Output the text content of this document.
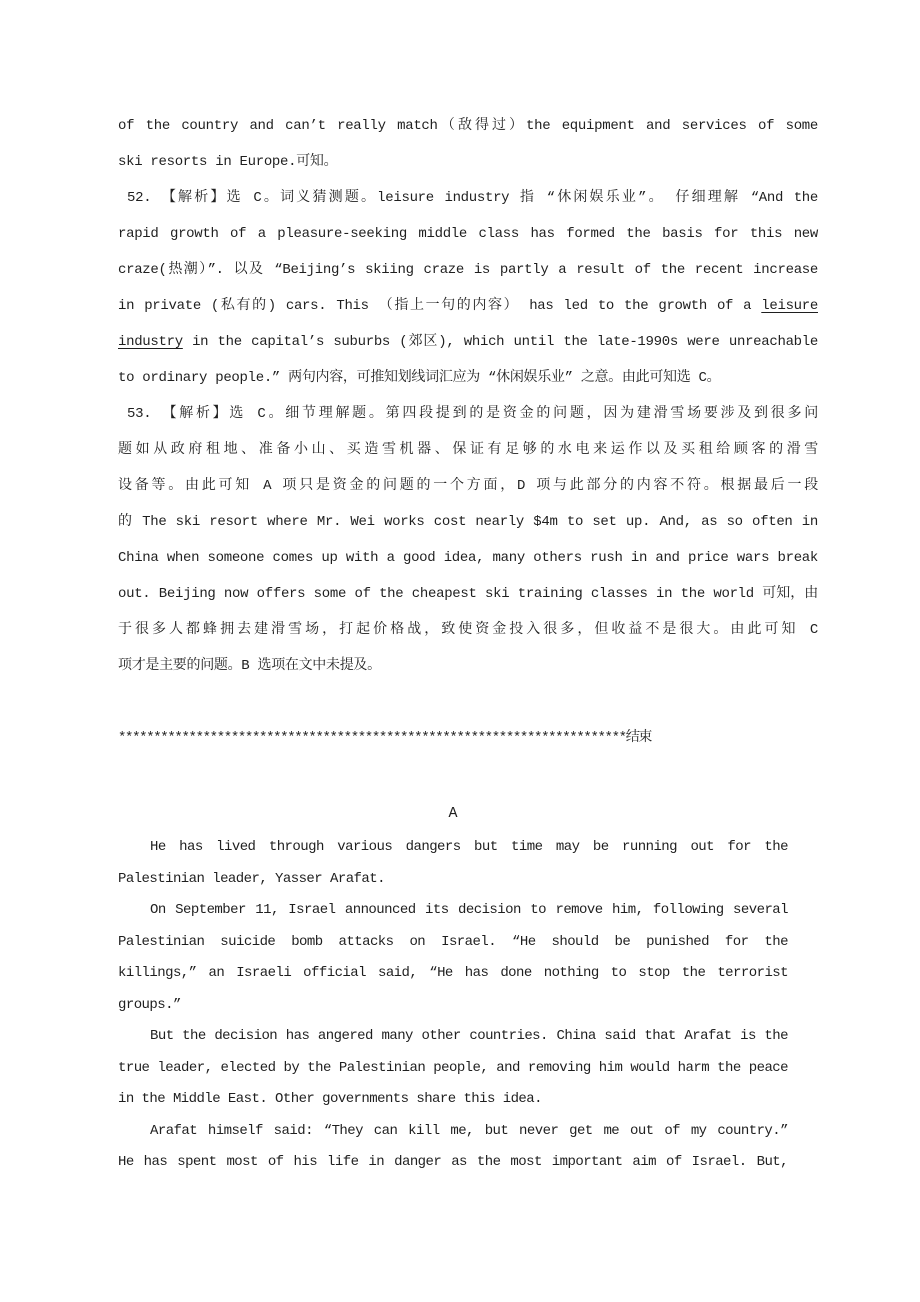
of the country and can’t really match（敌得过）the equipment and services of some
ski resorts in Europe.可知。
52. 【解析】选 C。词义猜测题。leisure industry 指 “休闲娱乐业”。 仔细理解 “And the
rapid growth of a pleasure-seeking middle class has formed the basis for this new
craze(热潮）”. 以及 “Beijing’s skiing craze is partly a result of the recent increase
in private (私有的) cars. This （指上一句的内容） has led to the growth of a leisure
industry in the capital’s suburbs (郊区), which until the late-1990s were unreachable
to ordinary people.” 两句内容，可推知划线词汇应为 “休闲娱乐业” 之意。由此可知选 C。
53. 【解析】选 C。细节理解题。第四段提到的是资金的问题，因为建滑雪场要涉及到很多问
题如从政府租地、准备小山、买造雪机器、保证有足够的水电来运作以及买租给顾客的滑雪
设备等。由此可知 A 项只是资金的问题的一个方面，D 项与此部分的内容不符。根据最后一段
的 The ski resort where Mr. Wei works cost nearly $4m to set up. And, as so often in
China when someone comes up with a good idea, many others rush in and price wars break
out. Beijing now offers some of the cheapest ski training classes in the world 可知，由
于很多人都蜂拥去建滑雪场，打起价格战，致使资金投入很多，但收益不是很大。由此可知 C
项才是主要的问题。B 选项在文中未提及。
************************************************************************结束
A
He has lived through various dangers but time may be running out for the
Palestinian leader, Yasser Arafat.
On September 11, Israel announced its decision to remove him, following several
Palestinian suicide bomb attacks on Israel. “He should be punished for the
killings,” an Israeli official said, “He has done nothing to stop the terrorist
groups.”
But the decision has angered many other countries. China said that Arafat is the
true leader, elected by the Palestinian people, and removing him would harm the peace
in the Middle East. Other governments share this idea.
Arafat himself said: “They can kill me, but never get me out of my country.”
He has spent most of his life in danger as the most important aim of Israel. But,
